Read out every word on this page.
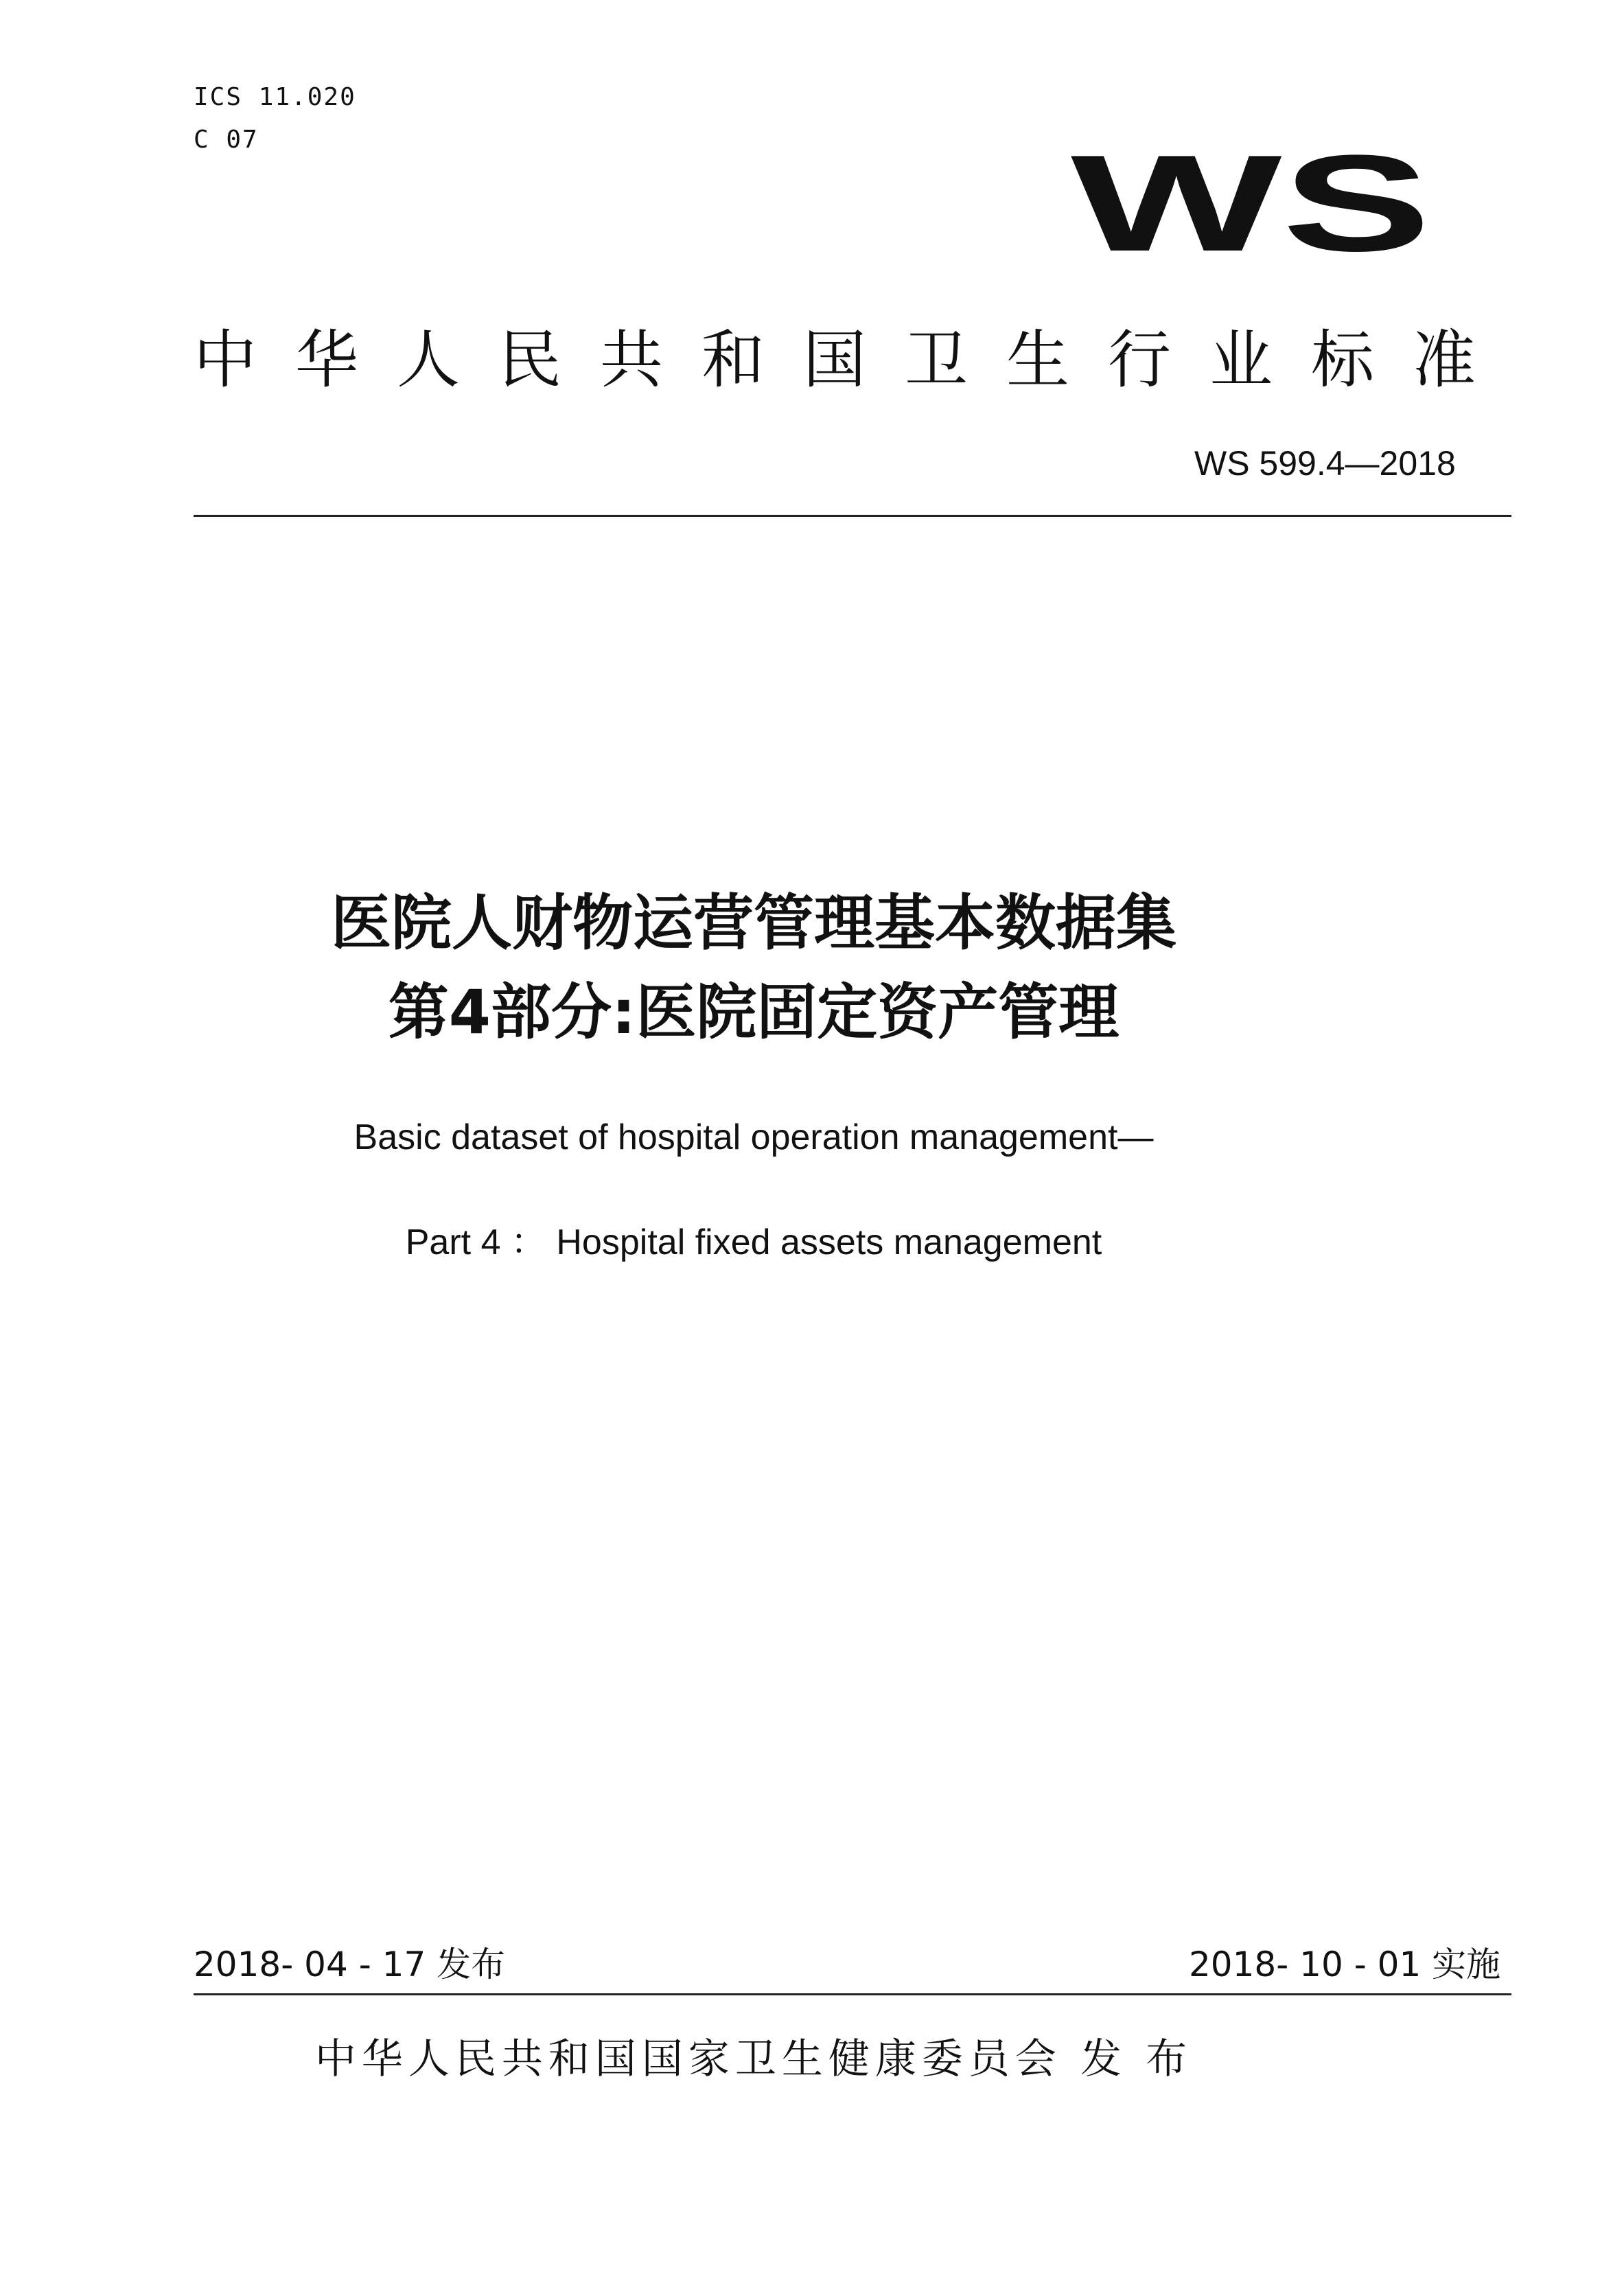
ICS 11.020
C 07	WS
中华人民共和国卫生行业标准
WS 599.4—2018
医院人财物运营管理基本数据集
第4部分:医院固定资产管理
Basic dataset of hospital operation management—
Part 4 ： Hospital fixed assets management
2018- 04 - 17 发布	2018- 10 - 01 实施
中华人民共和国国家卫生健康委员会 发 布
